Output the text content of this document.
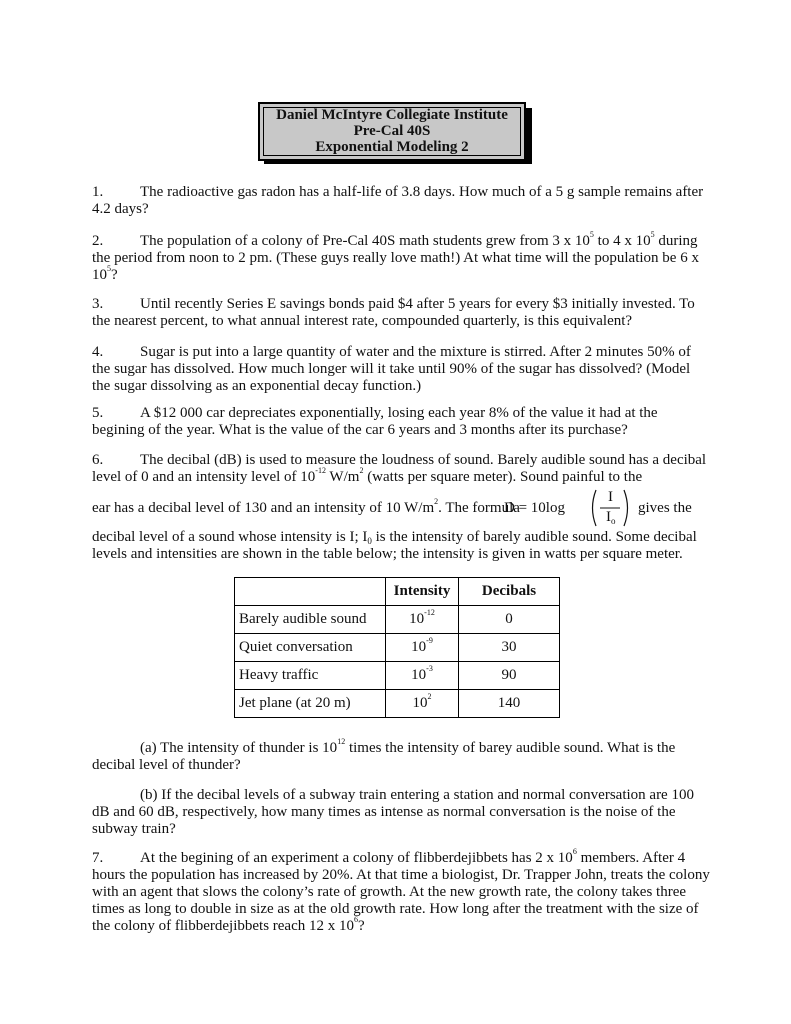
Daniel McIntyre Collegiate Institute
Pre-Cal 40S
Exponential Modeling 2
1. The radioactive gas radon has a half-life of 3.8 days. How much of a 5 g sample remains after 4.2 days?
2. The population of a colony of Pre-Cal 40S math students grew from 3 x $10^5$ to 4 x $10^5$ during the period from noon to 2 pm. (These guys really love math!) At what time will the population be 6 x $10^5$?
3. Until recently Series E savings bonds paid $4 after 5 years for every $3 initially invested. To the nearest percent, to what annual interest rate, compounded quarterly, is this equivalent?
4. Sugar is put into a large quantity of water and the mixture is stirred. After 2 minutes 50% of the sugar has dissolved. How much longer will it take until 90% of the sugar has dissolved? (Model the sugar dissolving as an exponential decay function.)
5. A $12 000 car depreciates exponentially, losing each year 8% of the value it had at the begining of the year. What is the value of the car 6 years and 3 months after its purchase?
6. The decibal (dB) is used to measure the loudness of sound. Barely audible sound has a decibal level of 0 and an intensity level of $10^{-12}$ $W/m^2$ (watts per square meter). Sound painful to the
ear has a decibal level of 130 and an intensity of 10 $W/m^2$. The formula
D = 10log
I
$I_o$
gives the
decibal level of a sound whose intensity is I; $I_0$ is the intensity of barely audible sound. Some decibal levels and intensities are shown in the table below; the intensity is given in watts per square meter.
	Intensity	Decibals
Barely audible sound	$10^{-12}$	0
Quiet conversation	$10^{-9}$	30
Heavy traffic	$10^{-3}$	90
Jet plane (at 20 m)	$10^2$	140
(a) The intensity of thunder is $10^{12}$ times the intensity of barey audible sound. What is the decibal level of thunder?
(b) If the decibal levels of a subway train entering a station and normal conversation are 100 dB and 60 dB, respectively, how many times as intense as normal conversation is the noise of the subway train?
7. At the begining of an experiment a colony of flibberdejibbets has 2 x $10^6$ members. After 4 hours the population has increased by 20%. At that time a biologist, Dr. Trapper John, treats the colony with an agent that slows the colony’s rate of growth. At the new growth rate, the colony takes three times as long to double in size as at the old growth rate. How long after the treatment with the size of the colony of flibberdejibbets reach 12 x $10^6$?
